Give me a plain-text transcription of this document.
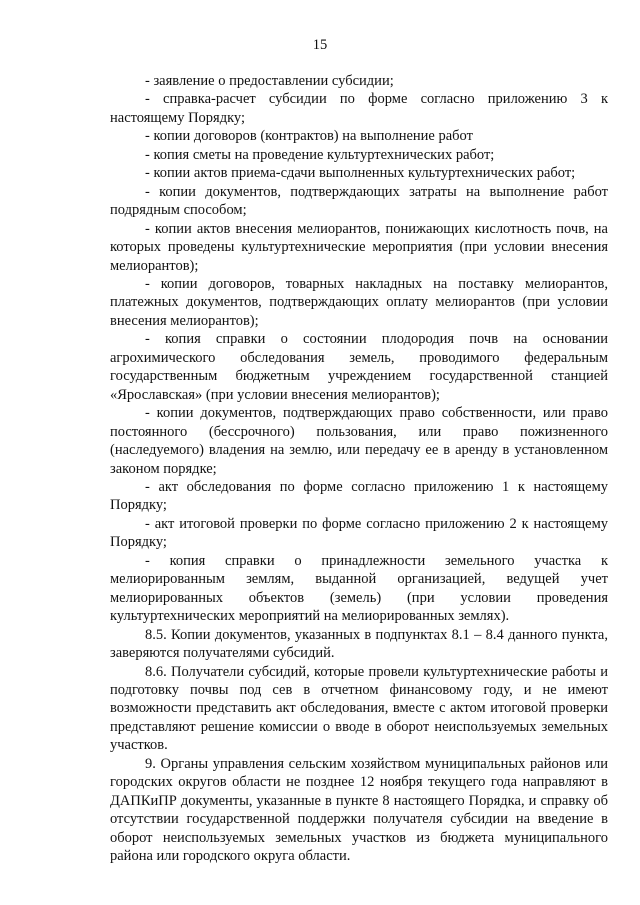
15

- заявление о предоставлении субсидии;

- справка-расчет субсидии по форме согласно приложению 3 к настоящему Порядку;

- копии договоров (контрактов) на выполнение работ

- копия сметы на проведение культуртехнических работ;

- копии актов приема-сдачи выполненных культуртехнических работ;

- копии документов, подтверждающих затраты на выполнение работ подрядным способом;

- копии актов внесения мелиорантов, понижающих кислотность почв, на которых проведены культуртехнические мероприятия (при условии внесения мелиорантов);

- копии договоров, товарных накладных на поставку мелиорантов, платежных документов, подтверждающих оплату мелиорантов (при условии внесения мелиорантов);

- копия справки о состоянии плодородия почв на основании агрохимического обследования земель, проводимого федеральным государственным бюджетным учреждением государственной станцией «Ярославская» (при условии внесения мелиорантов);

- копии документов, подтверждающих право собственности, или право постоянного (бессрочного) пользования, или право пожизненного (наследуемого) владения на землю, или передачу ее в аренду в установленном законом порядке;

- акт обследования по форме согласно приложению 1 к настоящему Порядку;

- акт итоговой проверки по форме согласно приложению 2 к настоящему Порядку;

- копия справки о принадлежности земельного участка к мелиорированным землям, выданной организацией, ведущей учет мелиорированных объектов (земель) (при условии проведения культуртехнических мероприятий на мелиорированных землях).

8.5. Копии документов, указанных в подпунктах 8.1 – 8.4 данного пункта, заверяются получателями субсидий.

8.6. Получатели субсидий, которые провели культуртехнические работы и подготовку почвы под сев в отчетном финансовому году, и не имеют возможности представить акт обследования, вместе с актом итоговой проверки представляют решение комиссии о вводе в оборот неиспользуемых земельных участков.

9. Органы управления сельским хозяйством муниципальных районов или городских округов области не позднее 12 ноября текущего года направляют в ДАПКиПР документы, указанные в пункте 8 настоящего Порядка, и справку об отсутствии государственной поддержки получателя субсидии на введение в оборот неиспользуемых земельных участков из бюджета муниципального района или городского округа области.
